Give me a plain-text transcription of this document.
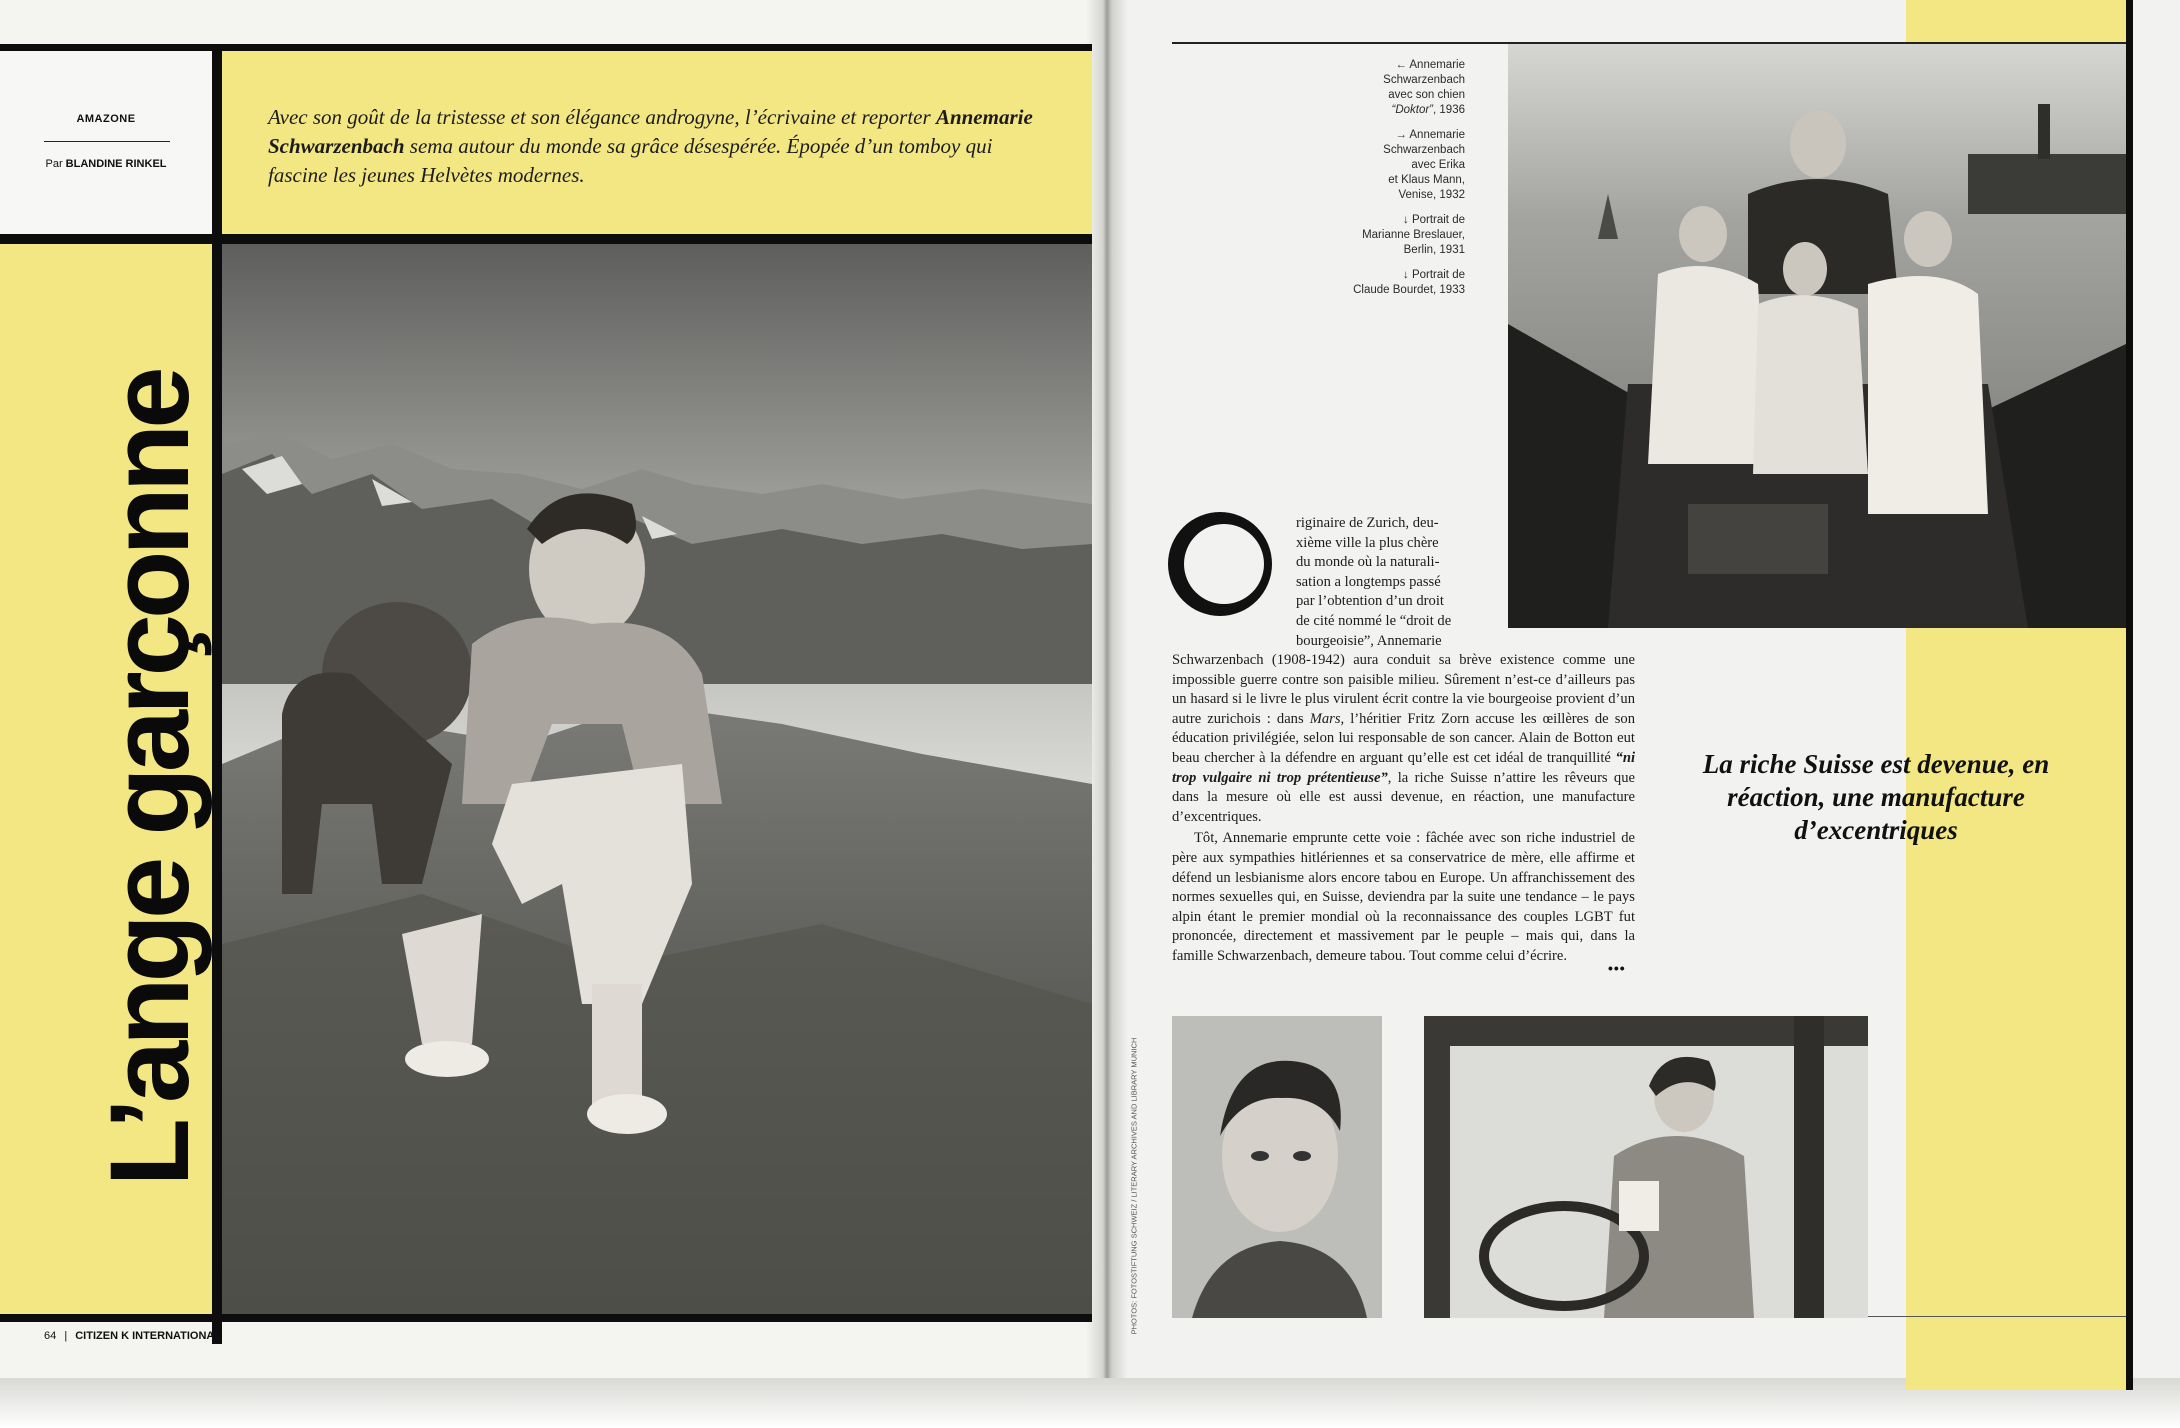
AMAZONE
Par BLANDINE RINKEL

Avec son goût de la tristesse et son élégance androgyne, l’écrivaine et reporter Annemarie Schwarzenbach sema autour du monde sa grâce désespérée. Épopée d’un tomboy qui fascine les jeunes Helvètes modernes.

L’ange garçonne
64 | CITIZEN K INTERNATIONAL
← Annemarie
Schwarzenbach
avec son chien
“Doktor”, 1936
→ Annemarie
Schwarzenbach
avec Erika
et Klaus Mann,
Venise, 1932
↓ Portrait de
Marianne Breslauer,
Berlin, 1931
↓ Portrait de
Claude Bourdet, 1933
riginaire de Zurich, deu-
xième ville la plus chère
du monde où la naturali-
sation a longtemps passé
par l’obtention d’un droit
de cité nommé le “droit de
bourgeoisie”, Annemarie

Schwarzenbach (1908-1942) aura conduit sa brève existence comme une impossible guerre contre son paisible milieu. Sûrement n’est-ce d’ailleurs pas un hasard si le livre le plus virulent écrit contre la vie bourgeoise provient d’un autre zurichois : dans Mars, l’héritier Fritz Zorn accuse les œillères de son éducation privilégiée, selon lui responsable de son cancer. Alain de Botton eut beau chercher à la défendre en arguant qu’elle est cet idéal de tranquillité “ni trop vulgaire ni trop prétentieuse”, la riche Suisse n’attire les rêveurs que dans la mesure où elle est aussi devenue, en réaction, une manufacture d’excentriques.

Tôt, Annemarie emprunte cette voie : fâchée avec son riche industriel de père aux sympathies hitlériennes et sa conservatrice de mère, elle affirme et défend un lesbianisme alors encore tabou en Europe. Un affranchissement des normes sexuelles qui, en Suisse, deviendra par la suite une tendance – le pays alpin étant le premier mondial où la reconnaissance des couples LGBT fut prononcée, directement et massivement par le peuple – mais qui, dans la famille Schwarzenbach, demeure tabou. Tout comme celui d’écrire.

•••
La riche Suisse est devenue, en réaction, une manufacture d’excentriques
PHOTOS: FOTOSTIFTUNG SCHWEIZ / LITERARY ARCHIVES AND LIBRARY MUNICH
